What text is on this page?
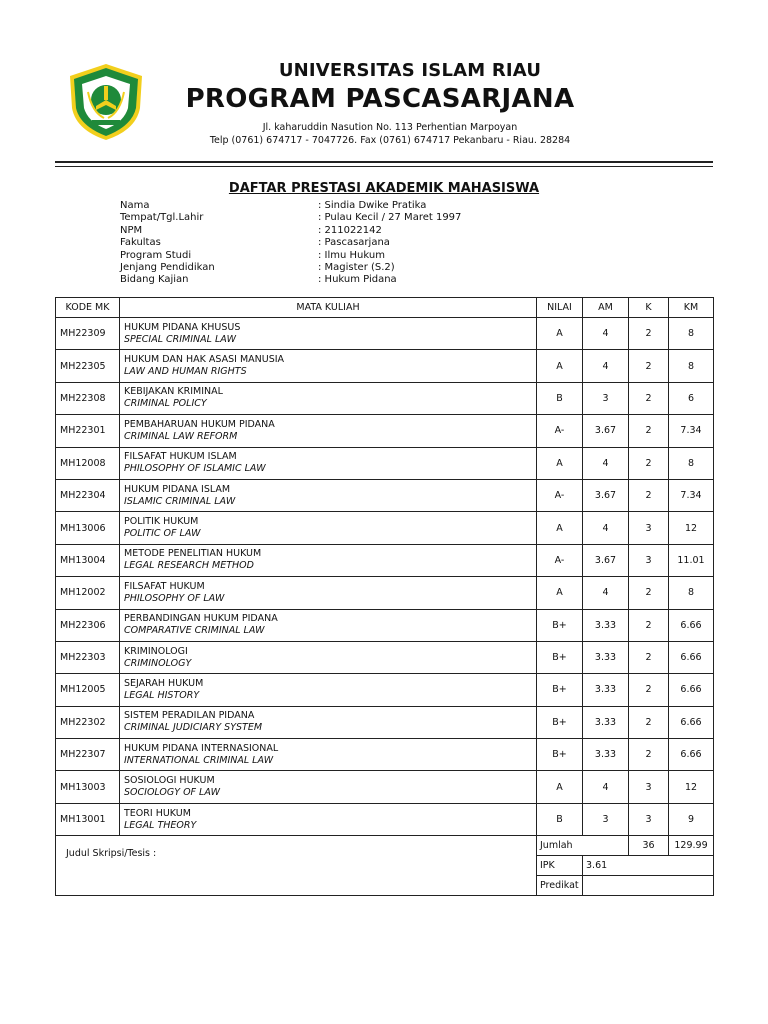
UNIVERSITAS ISLAM RIAU
PROGRAM PASCASARJANA
Jl. kaharuddin Nasution No. 113 Perhentian Marpoyan
Telp (0761) 674717 - 7047726. Fax (0761) 674717 Pekanbaru - Riau. 28284
DAFTAR PRESTASI AKADEMIK MAHASISWA
Nama	: Sindia Dwike Pratika
Tempat/Tgl.Lahir	: Pulau Kecil / 27 Maret 1997
NPM	: 211022142
Fakultas	: Pascasarjana
Program Studi	: Ilmu Hukum
Jenjang Pendidikan	: Magister (S.2)
Bidang Kajian	: Hukum Pidana
KODE MK	MATA KULIAH	NILAI	AM	K	KM
MH22309	HUKUM PIDANA KHUSUS
SPECIAL CRIMINAL LAW	A	4	2	8
MH22305	HUKUM DAN HAK ASASI MANUSIA
LAW AND HUMAN RIGHTS	A	4	2	8
MH22308	KEBIJAKAN KRIMINAL
CRIMINAL POLICY	B	3	2	6
MH22301	PEMBAHARUAN HUKUM PIDANA
CRIMINAL LAW REFORM	A-	3.67	2	7.34
MH12008	FILSAFAT HUKUM ISLAM
PHILOSOPHY OF ISLAMIC LAW	A	4	2	8
MH22304	HUKUM PIDANA ISLAM
ISLAMIC CRIMINAL LAW	A-	3.67	2	7.34
MH13006	POLITIK HUKUM
POLITIC OF LAW	A	4	3	12
MH13004	METODE PENELITIAN HUKUM
LEGAL RESEARCH METHOD	A-	3.67	3	11.01
MH12002	FILSAFAT HUKUM
PHILOSOPHY OF LAW	A	4	2	8
MH22306	PERBANDINGAN HUKUM PIDANA
COMPARATIVE CRIMINAL LAW	B+	3.33	2	6.66
MH22303	KRIMINOLOGI
CRIMINOLOGY	B+	3.33	2	6.66
MH12005	SEJARAH HUKUM
LEGAL HISTORY	B+	3.33	2	6.66
MH22302	SISTEM PERADILAN PIDANA
CRIMINAL JUDICIARY SYSTEM	B+	3.33	2	6.66
MH22307	HUKUM PIDANA INTERNASIONAL
INTERNATIONAL CRIMINAL LAW	B+	3.33	2	6.66
MH13003	SOSIOLOGI HUKUM
SOCIOLOGY OF LAW	A	4	3	12
MH13001	TEORI HUKUM
LEGAL THEORY	B	3	3	9
Judul Skripsi/Tesis :		Jumlah		36	129.99
		IPK	3.61		
		Predikat			
